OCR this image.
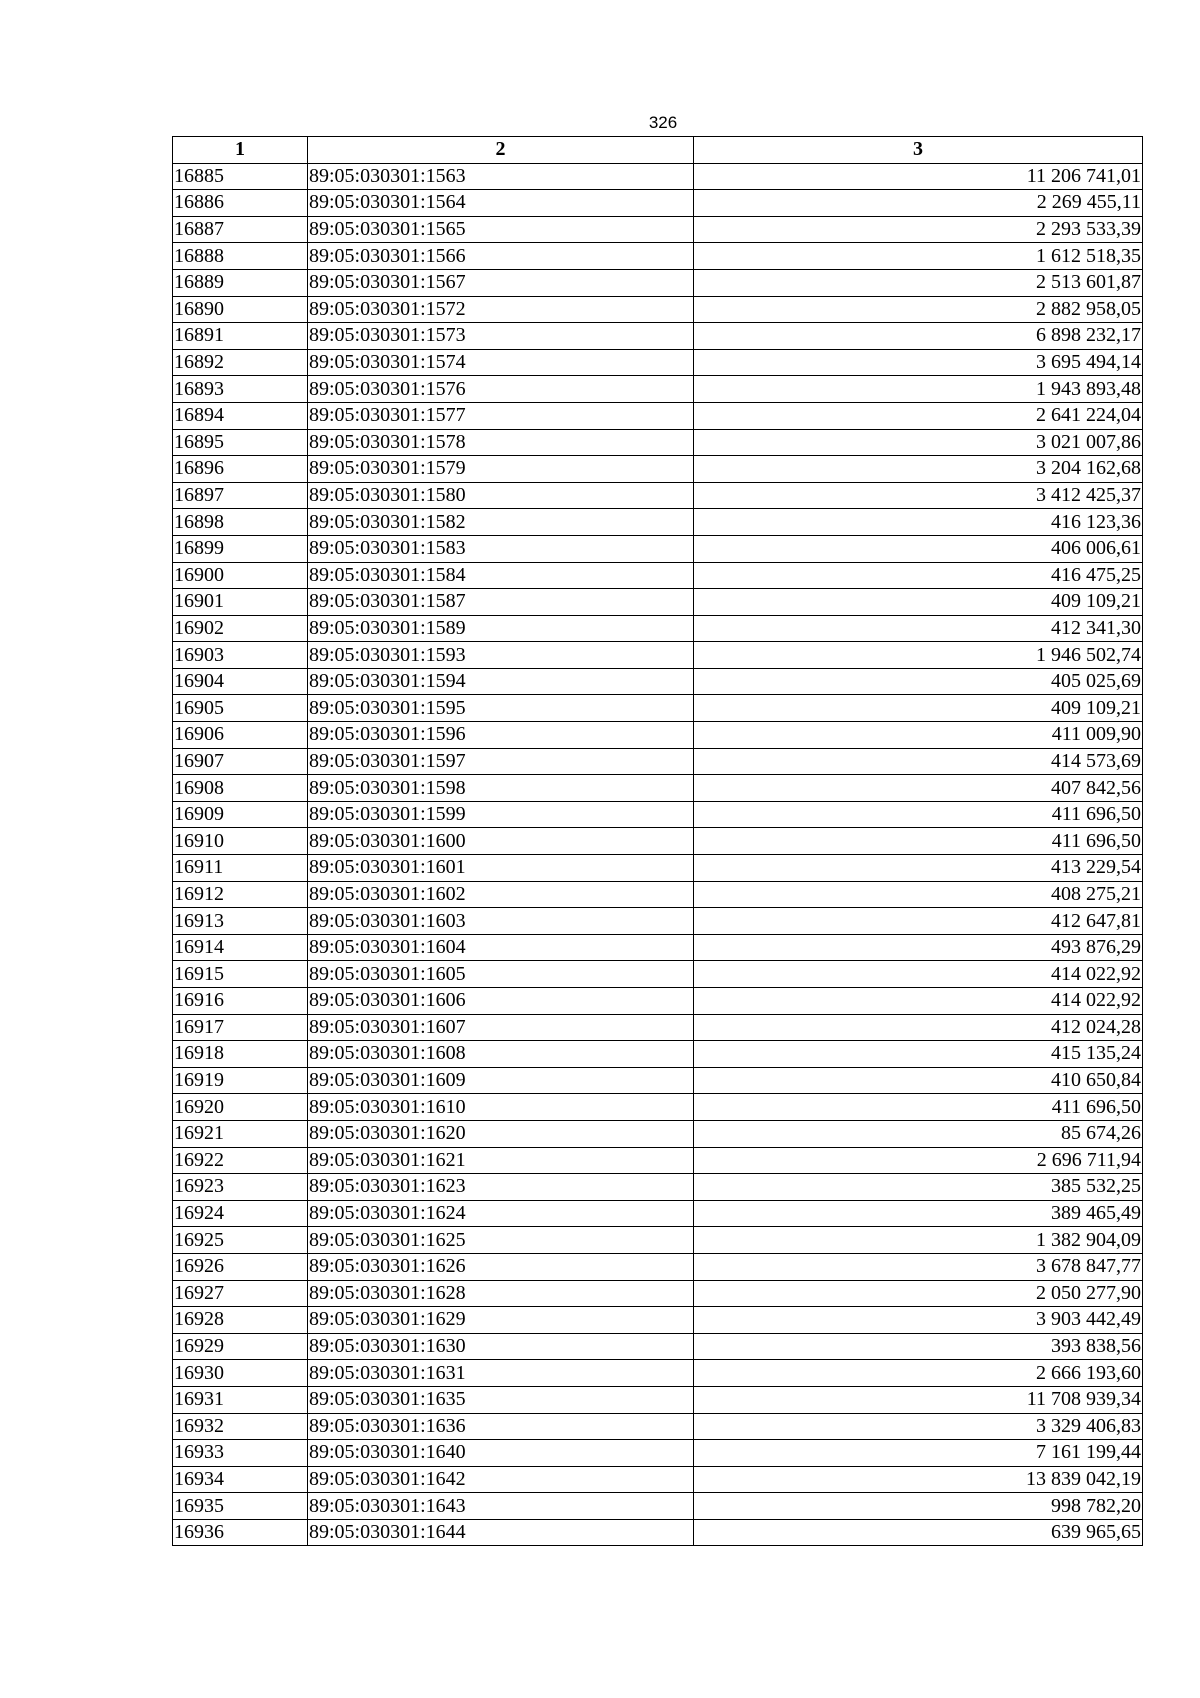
326
1	2	3
16885	89:05:030301:1563	11 206 741,01
16886	89:05:030301:1564	2 269 455,11
16887	89:05:030301:1565	2 293 533,39
16888	89:05:030301:1566	1 612 518,35
16889	89:05:030301:1567	2 513 601,87
16890	89:05:030301:1572	2 882 958,05
16891	89:05:030301:1573	6 898 232,17
16892	89:05:030301:1574	3 695 494,14
16893	89:05:030301:1576	1 943 893,48
16894	89:05:030301:1577	2 641 224,04
16895	89:05:030301:1578	3 021 007,86
16896	89:05:030301:1579	3 204 162,68
16897	89:05:030301:1580	3 412 425,37
16898	89:05:030301:1582	416 123,36
16899	89:05:030301:1583	406 006,61
16900	89:05:030301:1584	416 475,25
16901	89:05:030301:1587	409 109,21
16902	89:05:030301:1589	412 341,30
16903	89:05:030301:1593	1 946 502,74
16904	89:05:030301:1594	405 025,69
16905	89:05:030301:1595	409 109,21
16906	89:05:030301:1596	411 009,90
16907	89:05:030301:1597	414 573,69
16908	89:05:030301:1598	407 842,56
16909	89:05:030301:1599	411 696,50
16910	89:05:030301:1600	411 696,50
16911	89:05:030301:1601	413 229,54
16912	89:05:030301:1602	408 275,21
16913	89:05:030301:1603	412 647,81
16914	89:05:030301:1604	493 876,29
16915	89:05:030301:1605	414 022,92
16916	89:05:030301:1606	414 022,92
16917	89:05:030301:1607	412 024,28
16918	89:05:030301:1608	415 135,24
16919	89:05:030301:1609	410 650,84
16920	89:05:030301:1610	411 696,50
16921	89:05:030301:1620	85 674,26
16922	89:05:030301:1621	2 696 711,94
16923	89:05:030301:1623	385 532,25
16924	89:05:030301:1624	389 465,49
16925	89:05:030301:1625	1 382 904,09
16926	89:05:030301:1626	3 678 847,77
16927	89:05:030301:1628	2 050 277,90
16928	89:05:030301:1629	3 903 442,49
16929	89:05:030301:1630	393 838,56
16930	89:05:030301:1631	2 666 193,60
16931	89:05:030301:1635	11 708 939,34
16932	89:05:030301:1636	3 329 406,83
16933	89:05:030301:1640	7 161 199,44
16934	89:05:030301:1642	13 839 042,19
16935	89:05:030301:1643	998 782,20
16936	89:05:030301:1644	639 965,65
